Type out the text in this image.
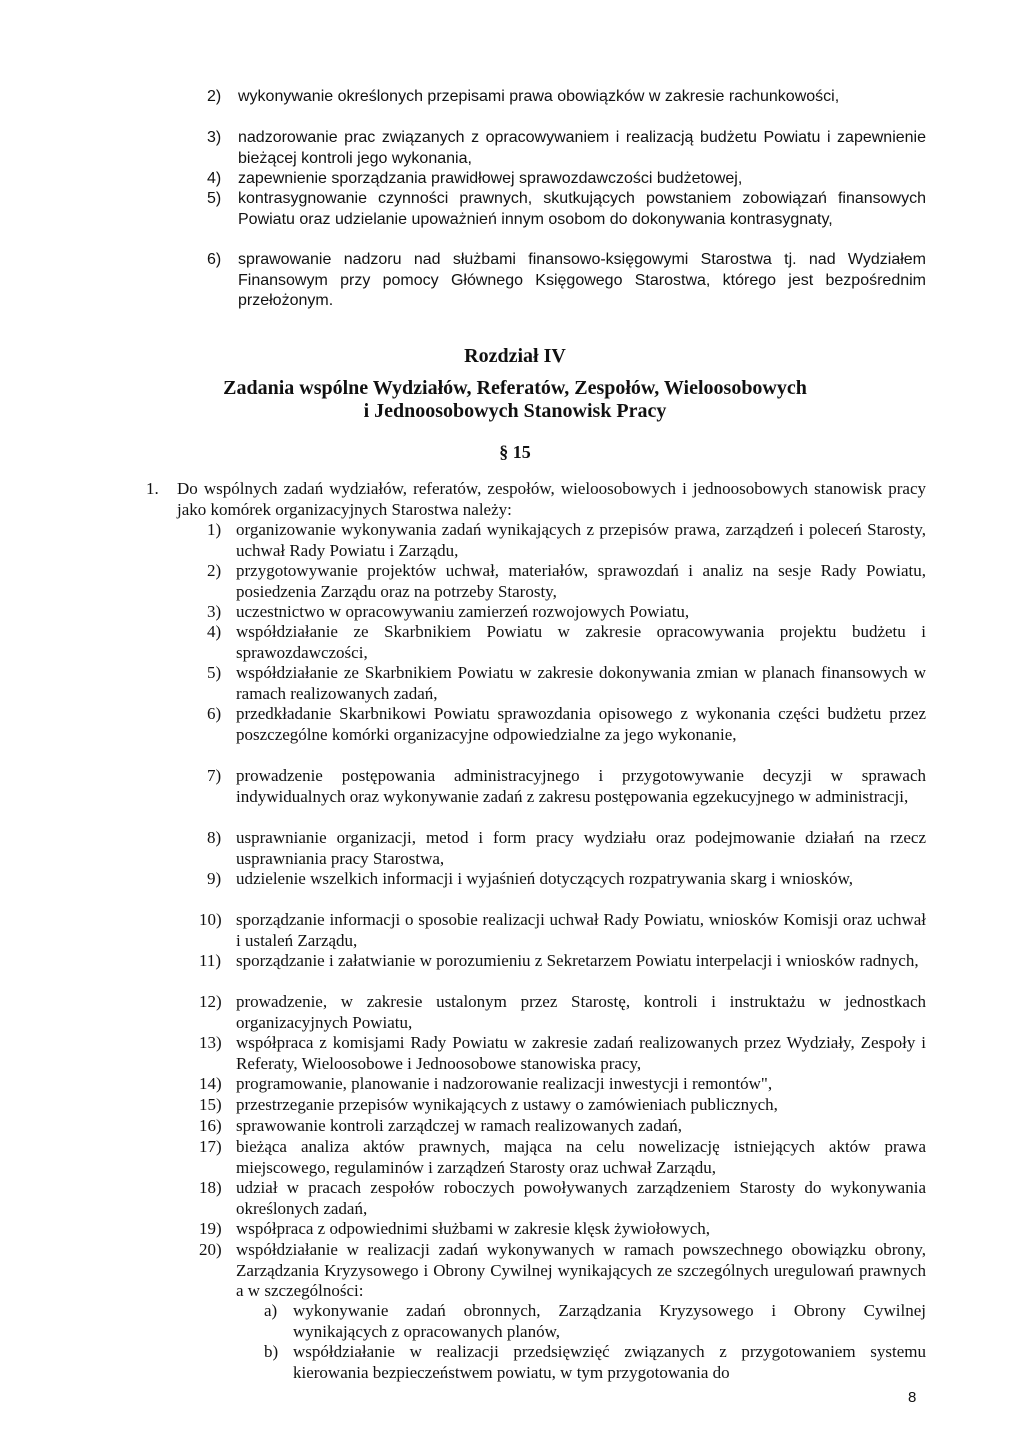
2) wykonywanie określonych przepisami prawa obowiązków w zakresie rachunkowości,
3) nadzorowanie prac związanych z opracowywaniem i realizacją budżetu Powiatu i zapewnienie bieżącej kontroli jego wykonania,
4) zapewnienie sporządzania prawidłowej sprawozdawczości budżetowej,
5) kontrasygnowanie czynności prawnych, skutkujących powstaniem zobowiązań finansowych Powiatu oraz udzielanie upoważnień innym osobom do dokonywania kontrasygnaty,
6) sprawowanie nadzoru nad służbami finansowo-księgowymi Starostwa tj. nad Wydziałem Finansowym przy pomocy Głównego Księgowego Starostwa, którego jest bezpośrednim przełożonym.
Rozdział IV
Zadania wspólne Wydziałów, Referatów, Zespołów, Wieloosobowych
i Jednoosobowych Stanowisk Pracy
§ 15
1. Do wspólnych zadań wydziałów, referatów, zespołów, wieloosobowych i jednoosobowych stanowisk pracy jako komórek organizacyjnych Starostwa należy:
1) organizowanie wykonywania zadań wynikających z przepisów prawa, zarządzeń i poleceń Starosty, uchwał Rady Powiatu i Zarządu,
2) przygotowywanie projektów uchwał, materiałów, sprawozdań i analiz na sesje Rady Powiatu, posiedzenia Zarządu oraz na potrzeby Starosty,
3) uczestnictwo w opracowywaniu zamierzeń rozwojowych Powiatu,
4) współdziałanie ze Skarbnikiem Powiatu w zakresie opracowywania projektu budżetu i sprawozdawczości,
5) współdziałanie ze Skarbnikiem Powiatu w zakresie dokonywania zmian w planach finansowych w ramach realizowanych zadań,
6) przedkładanie Skarbnikowi Powiatu sprawozdania opisowego z wykonania części budżetu przez poszczególne komórki organizacyjne odpowiedzialne za jego wykonanie,
7) prowadzenie postępowania administracyjnego i przygotowywanie decyzji w sprawach indywidualnych oraz wykonywanie zadań z zakresu postępowania egzekucyjnego w administracji,
8) usprawnianie organizacji, metod i form pracy wydziału oraz podejmowanie działań na rzecz usprawniania pracy Starostwa,
9) udzielenie wszelkich informacji i wyjaśnień dotyczących rozpatrywania skarg i wniosków,
10) sporządzanie informacji o sposobie realizacji uchwał Rady Powiatu, wniosków Komisji oraz uchwał i ustaleń Zarządu,
11) sporządzanie i załatwianie w porozumieniu z Sekretarzem Powiatu interpelacji i wniosków radnych,
12) prowadzenie, w zakresie ustalonym przez Starostę, kontroli i instruktażu w jednostkach organizacyjnych Powiatu,
13) współpraca z komisjami Rady Powiatu w zakresie zadań realizowanych przez Wydziały, Zespoły i Referaty, Wieloosobowe i Jednoosobowe stanowiska pracy,
14) programowanie, planowanie i nadzorowanie realizacji inwestycji i remontów",
15) przestrzeganie przepisów wynikających z ustawy o zamówieniach publicznych,
16) sprawowanie kontroli zarządczej w ramach realizowanych zadań,
17) bieżąca analiza aktów prawnych, mająca na celu nowelizację istniejących aktów prawa miejscowego, regulaminów i zarządzeń Starosty oraz uchwał Zarządu,
18) udział w pracach zespołów roboczych powoływanych zarządzeniem Starosty do wykonywania określonych zadań,
19) współpraca z odpowiednimi służbami w zakresie klęsk żywiołowych,
20) współdziałanie w realizacji zadań wykonywanych w ramach powszechnego obowiązku obrony, Zarządzania Kryzysowego i Obrony Cywilnej wynikających ze szczególnych uregulowań prawnych a w szczególności:
a) wykonywanie zadań obronnych, Zarządzania Kryzysowego i Obrony Cywilnej wynikających z opracowanych planów,
b) współdziałanie w realizacji przedsięwzięć związanych z przygotowaniem systemu kierowania bezpieczeństwem powiatu, w tym przygotowania do
8
